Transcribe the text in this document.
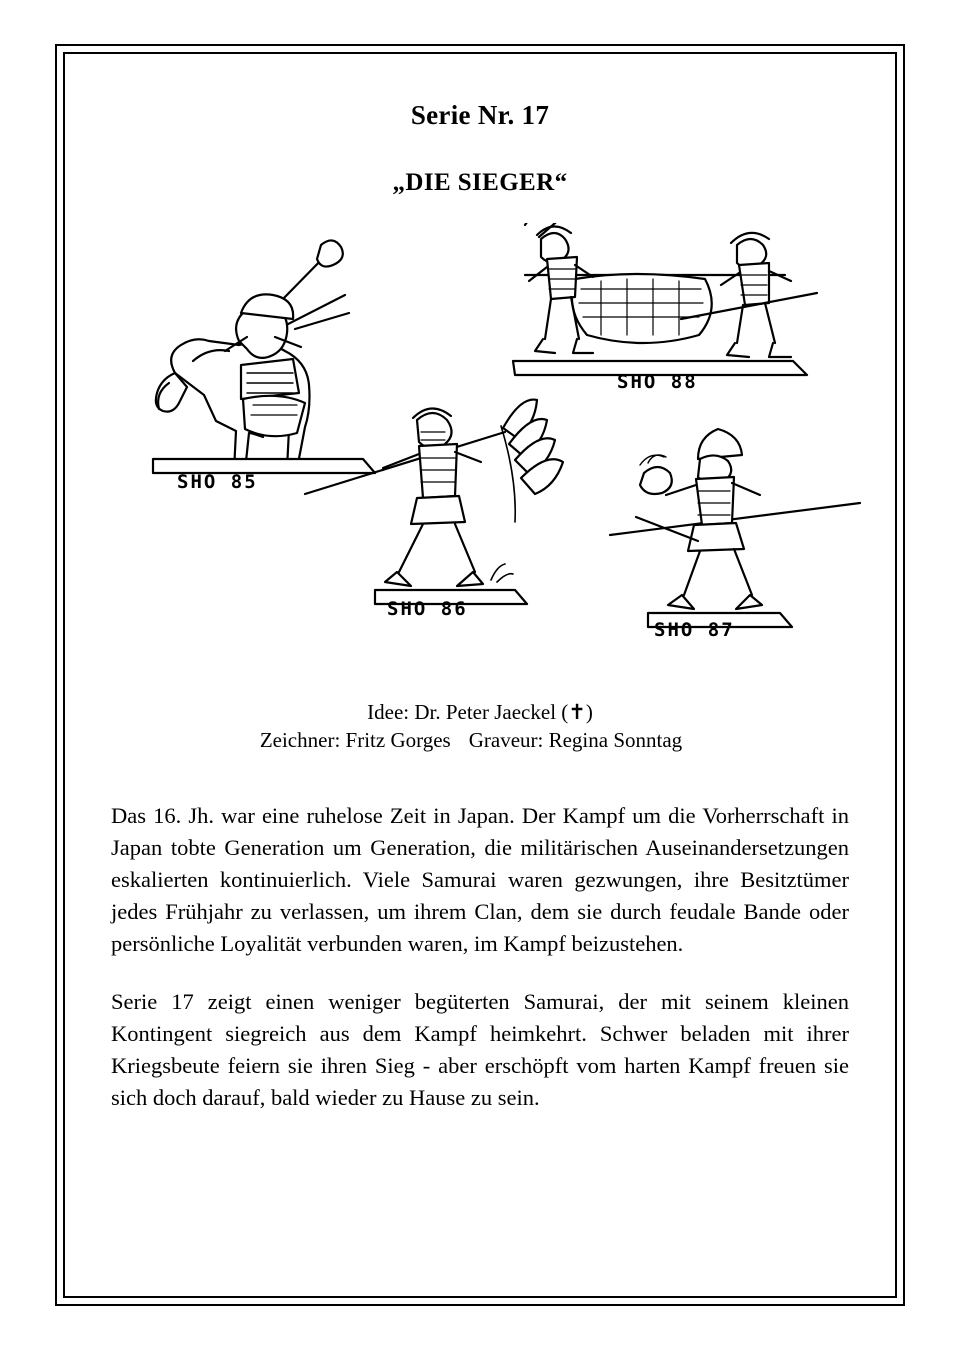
Serie Nr. 17
„DIE SIEGER“
SHO 85
SHO 88
SHO 86
SHO 87
Idee: Dr. Peter Jaeckel (✝)
Zeichner: Fritz Gorges Graveur: Regina Sonntag

Das 16. Jh. war eine ruhelose Zeit in Japan. Der Kampf um die Vorherrschaft in Japan tobte Generation um Generation, die militärischen Auseinandersetzungen eskalierten kontinuierlich. Viele Samurai waren gezwungen, ihre Besitztümer jedes Frühjahr zu verlassen, um ihrem Clan, dem sie durch feudale Bande oder persönliche Loyalität verbunden waren, im Kampf beizustehen.

Serie 17 zeigt einen weniger begüterten Samurai, der mit seinem kleinen Kontingent siegreich aus dem Kampf heimkehrt. Schwer beladen mit ihrer Kriegsbeute feiern sie ihren Sieg - aber erschöpft vom harten Kampf freuen sie sich doch darauf, bald wieder zu Hause zu sein.
